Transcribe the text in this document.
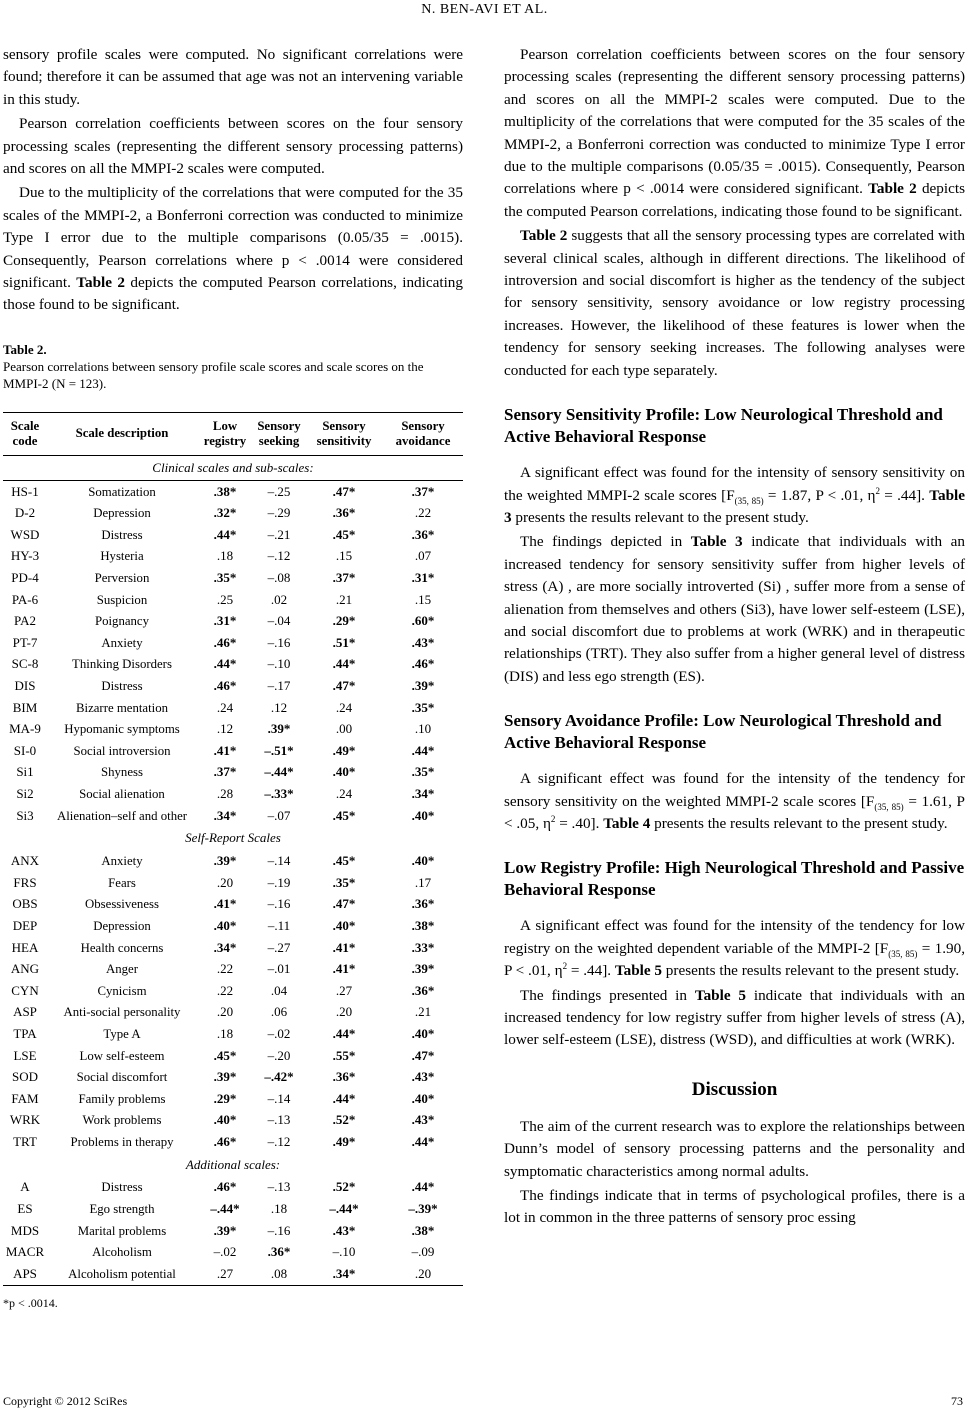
N. BEN-AVI ET AL.

sensory profile scales were computed. No significant correlations were found; therefore it can be assumed that age was not an intervening variable in this study.

Pearson correlation coefficients between scores on the four sensory processing scales (representing the different sensory processing patterns) and scores on all the MMPI-2 scales were computed.

Due to the multiplicity of the correlations that were computed for the 35 scales of the MMPI-2, a Bonferroni correction was conducted to minimize Type I error due to the multiple comparisons (0.05/35 = .0015). Consequently, Pearson correlations where p < .0014 were considered significant. Table 2 depicts the computed Pearson correlations, indicating those found to be significant.

Table 2.
Pearson correlations between sensory profile scale scores and scale scores on the MMPI-2 (N = 123).
Scale code	Scale description	Low registry	Sensory seeking	Sensory sensitivity	Sensory avoidance
Clinical scales and sub-scales:					
HS-1	Somatization	.38*	–.25	.47*	.37*
D-2	Depression	.32*	–.29	.36*	.22
WSD	Distress	.44*	–.21	.45*	.36*
HY-3	Hysteria	.18	–.12	.15	.07
PD-4	Perversion	.35*	–.08	.37*	.31*
PA-6	Suspicion	.25	.02	.21	.15
PA2	Poignancy	.31*	–.04	.29*	.60*
PT-7	Anxiety	.46*	–.16	.51*	.43*
SC-8	Thinking Disorders	.44*	–.10	.44*	.46*
DIS	Distress	.46*	–.17	.47*	.39*
BIM	Bizarre mentation	.24	.12	.24	.35*
MA-9	Hypomanic symptoms	.12	.39*	.00	.10
SI-0	Social introversion	.41*	–.51*	.49*	.44*
Si1	Shyness	.37*	–.44*	.40*	.35*
Si2	Social alienation	.28	–.33*	.24	.34*
Si3	Alienation–self and other	.34*	–.07	.45*	.40*
Self-Report Scales					
ANX	Anxiety	.39*	–.14	.45*	.40*
FRS	Fears	.20	–.19	.35*	.17
OBS	Obsessiveness	.41*	–.16	.47*	.36*
DEP	Depression	.40*	–.11	.40*	.38*
HEA	Health concerns	.34*	–.27	.41*	.33*
ANG	Anger	.22	–.01	.41*	.39*
CYN	Cynicism	.22	.04	.27	.36*
ASP	Anti-social personality	.20	.06	.20	.21
TPA	Type A	.18	–.02	.44*	.40*
LSE	Low self-esteem	.45*	–.20	.55*	.47*
SOD	Social discomfort	.39*	–.42*	.36*	.43*
FAM	Family problems	.29*	–.14	.44*	.40*
WRK	Work problems	.40*	–.13	.52*	.43*
TRT	Problems in therapy	.46*	–.12	.49*	.44*
Additional scales:					
A	Distress	.46*	–.13	.52*	.44*
ES	Ego strength	–.44*	.18	–.44*	–.39*
MDS	Marital problems	.39*	–.16	.43*	.38*
MACR	Alcoholism	–.02	.36*	–.10	–.09
APS	Alcoholism potential	.27	.08	.34*	.20
*p < .0014.

Pearson correlation coefficients between scores on the four sensory processing scales (representing the different sensory processing patterns) and scores on all the MMPI-2 scales were computed. Due to the multiplicity of the correlations that were computed for the 35 scales of the MMPI-2, a Bonferroni correction was conducted to minimize Type I error due to the multiple comparisons (0.05/35 = .0015). Consequently, Pearson correlations where p < .0014 were considered significant. Table 2 depicts the computed Pearson correlations, indicating those found to be significant.

Table 2 suggests that all the sensory processing types are correlated with several clinical scales, although in different directions. The likelihood of introversion and social discomfort is higher as the tendency of the subject for sensory sensitivity, sensory avoidance or low registry processing increases. However, the likelihood of these features is lower when the tendency for sensory seeking increases. The following analyses were conducted for each type separately.

Sensory Sensitivity Profile: Low Neurological Threshold and Active Behavioral Response

A significant effect was found for the intensity of sensory sensitivity on the weighted MMPI-2 scale scores [$F_{(35, 85)} = 1.87$, P < .01, $\eta^2 = .44$]. Table 3 presents the results relevant to the present study.

The findings depicted in Table 3 indicate that individuals with an increased tendency for sensory sensitivity suffer from higher levels of stress (A) , are more socially introverted (Si) , suffer more from a sense of alienation from themselves and others (Si3), have lower self-esteem (LSE), and social discomfort due to problems at work (WRK) and in therapeutic relationships (TRT). They also suffer from a higher general level of distress (DIS) and less ego strength (ES).

Sensory Avoidance Profile: Low Neurological Threshold and Active Behavioral Response

A significant effect was found for the intensity of the tendency for sensory sensitivity on the weighted MMPI-2 scale scores [$F_{(35, 85)} = 1.61$, P < .05, $\eta^2 = .40$]. Table 4 presents the results relevant to the present study.

Low Registry Profile: High Neurological Threshold and Passive Behavioral Response

A significant effect was found for the intensity of the tendency for low registry on the weighted dependent variable of the MMPI-2 [$F_{(35, 85)} = 1.90$, P < .01, $\eta^2 = .44$]. Table 5 presents the results relevant to the present study.

The findings presented in Table 5 indicate that individuals with an increased tendency for low registry suffer from higher levels of stress (A), lower self-esteem (LSE), distress (WSD), and difficulties at work (WRK).

Discussion

The aim of the current research was to explore the relationships between Dunn’s model of sensory processing patterns and the personality and symptomatic characteristics among normal adults.

The findings indicate that in terms of psychological profiles, there is a lot in common in the three patterns of sensory proc essing

Copyright © 2012 SciRes	73
